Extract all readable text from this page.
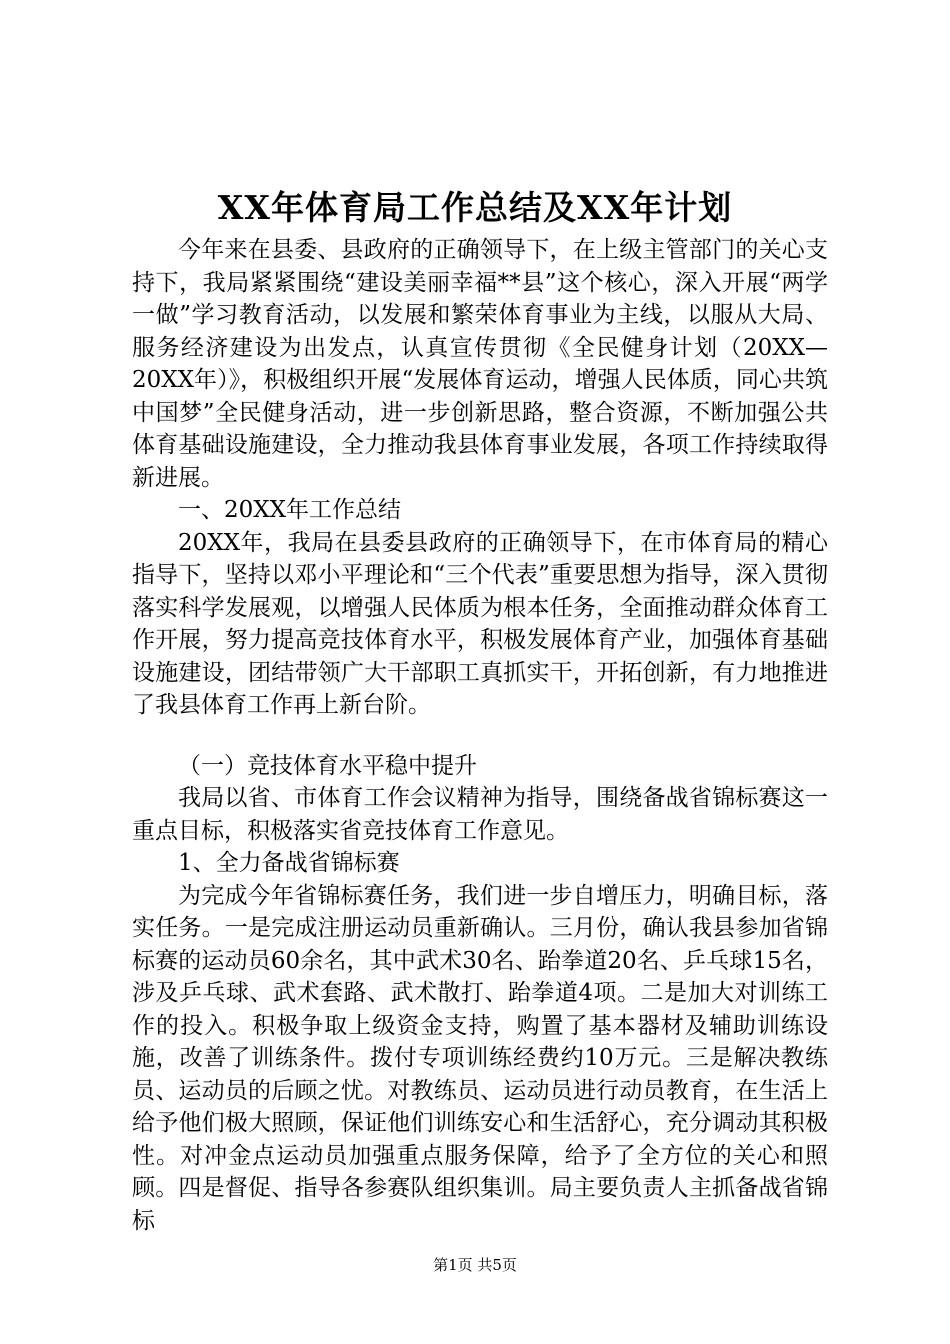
XX年体育局工作总结及XX年计划

今年来在县委、县政府的正确领导下，在上级主管部门的关心支持下，我局紧紧围绕“建设美丽幸福**县”这个核心，深入开展“两学一做”学习教育活动，以发展和繁荣体育事业为主线，以服从大局、服务经济建设为出发点，认真宣传贯彻《全民健身计划（20XX—20XX年）》，积极组织开展“发展体育运动，增强人民体质，同心共筑中国梦”全民健身活动，进一步创新思路，整合资源，不断加强公共体育基础设施建设，全力推动我县体育事业发展，各项工作持续取得新进展。

一、20XX年工作总结

20XX年，我局在县委县政府的正确领导下，在市体育局的精心指导下，坚持以邓小平理论和“三个代表”重要思想为指导，深入贯彻落实科学发展观，以增强人民体质为根本任务，全面推动群众体育工作开展，努力提高竞技体育水平，积极发展体育产业，加强体育基础设施建设，团结带领广大干部职工真抓实干，开拓创新，有力地推进了我县体育工作再上新台阶。

（一）竞技体育水平稳中提升

我局以省、市体育工作会议精神为指导，围绕备战省锦标赛这一重点目标，积极落实省竞技体育工作意见。

1、全力备战省锦标赛

为完成今年省锦标赛任务，我们进一步自增压力，明确目标，落实任务。一是完成注册运动员重新确认。三月份，确认我县参加省锦标赛的运动员60余名，其中武术30名、跆拳道20名、乒乓球15名，涉及乒乓球、武术套路、武术散打、跆拳道4项。二是加大对训练工作的投入。积极争取上级资金支持，购置了基本器材及辅助训练设施，改善了训练条件。拨付专项训练经费约10万元。三是解决教练员、运动员的后顾之忧。对教练员、运动员进行动员教育，在生活上给予他们极大照顾，保证他们训练安心和生活舒心，充分调动其积极性。对冲金点运动员加强重点服务保障，给予了全方位的关心和照顾。四是督促、指导各参赛队组织集训。局主要负责人主抓备战省锦标

第1页 共5页
